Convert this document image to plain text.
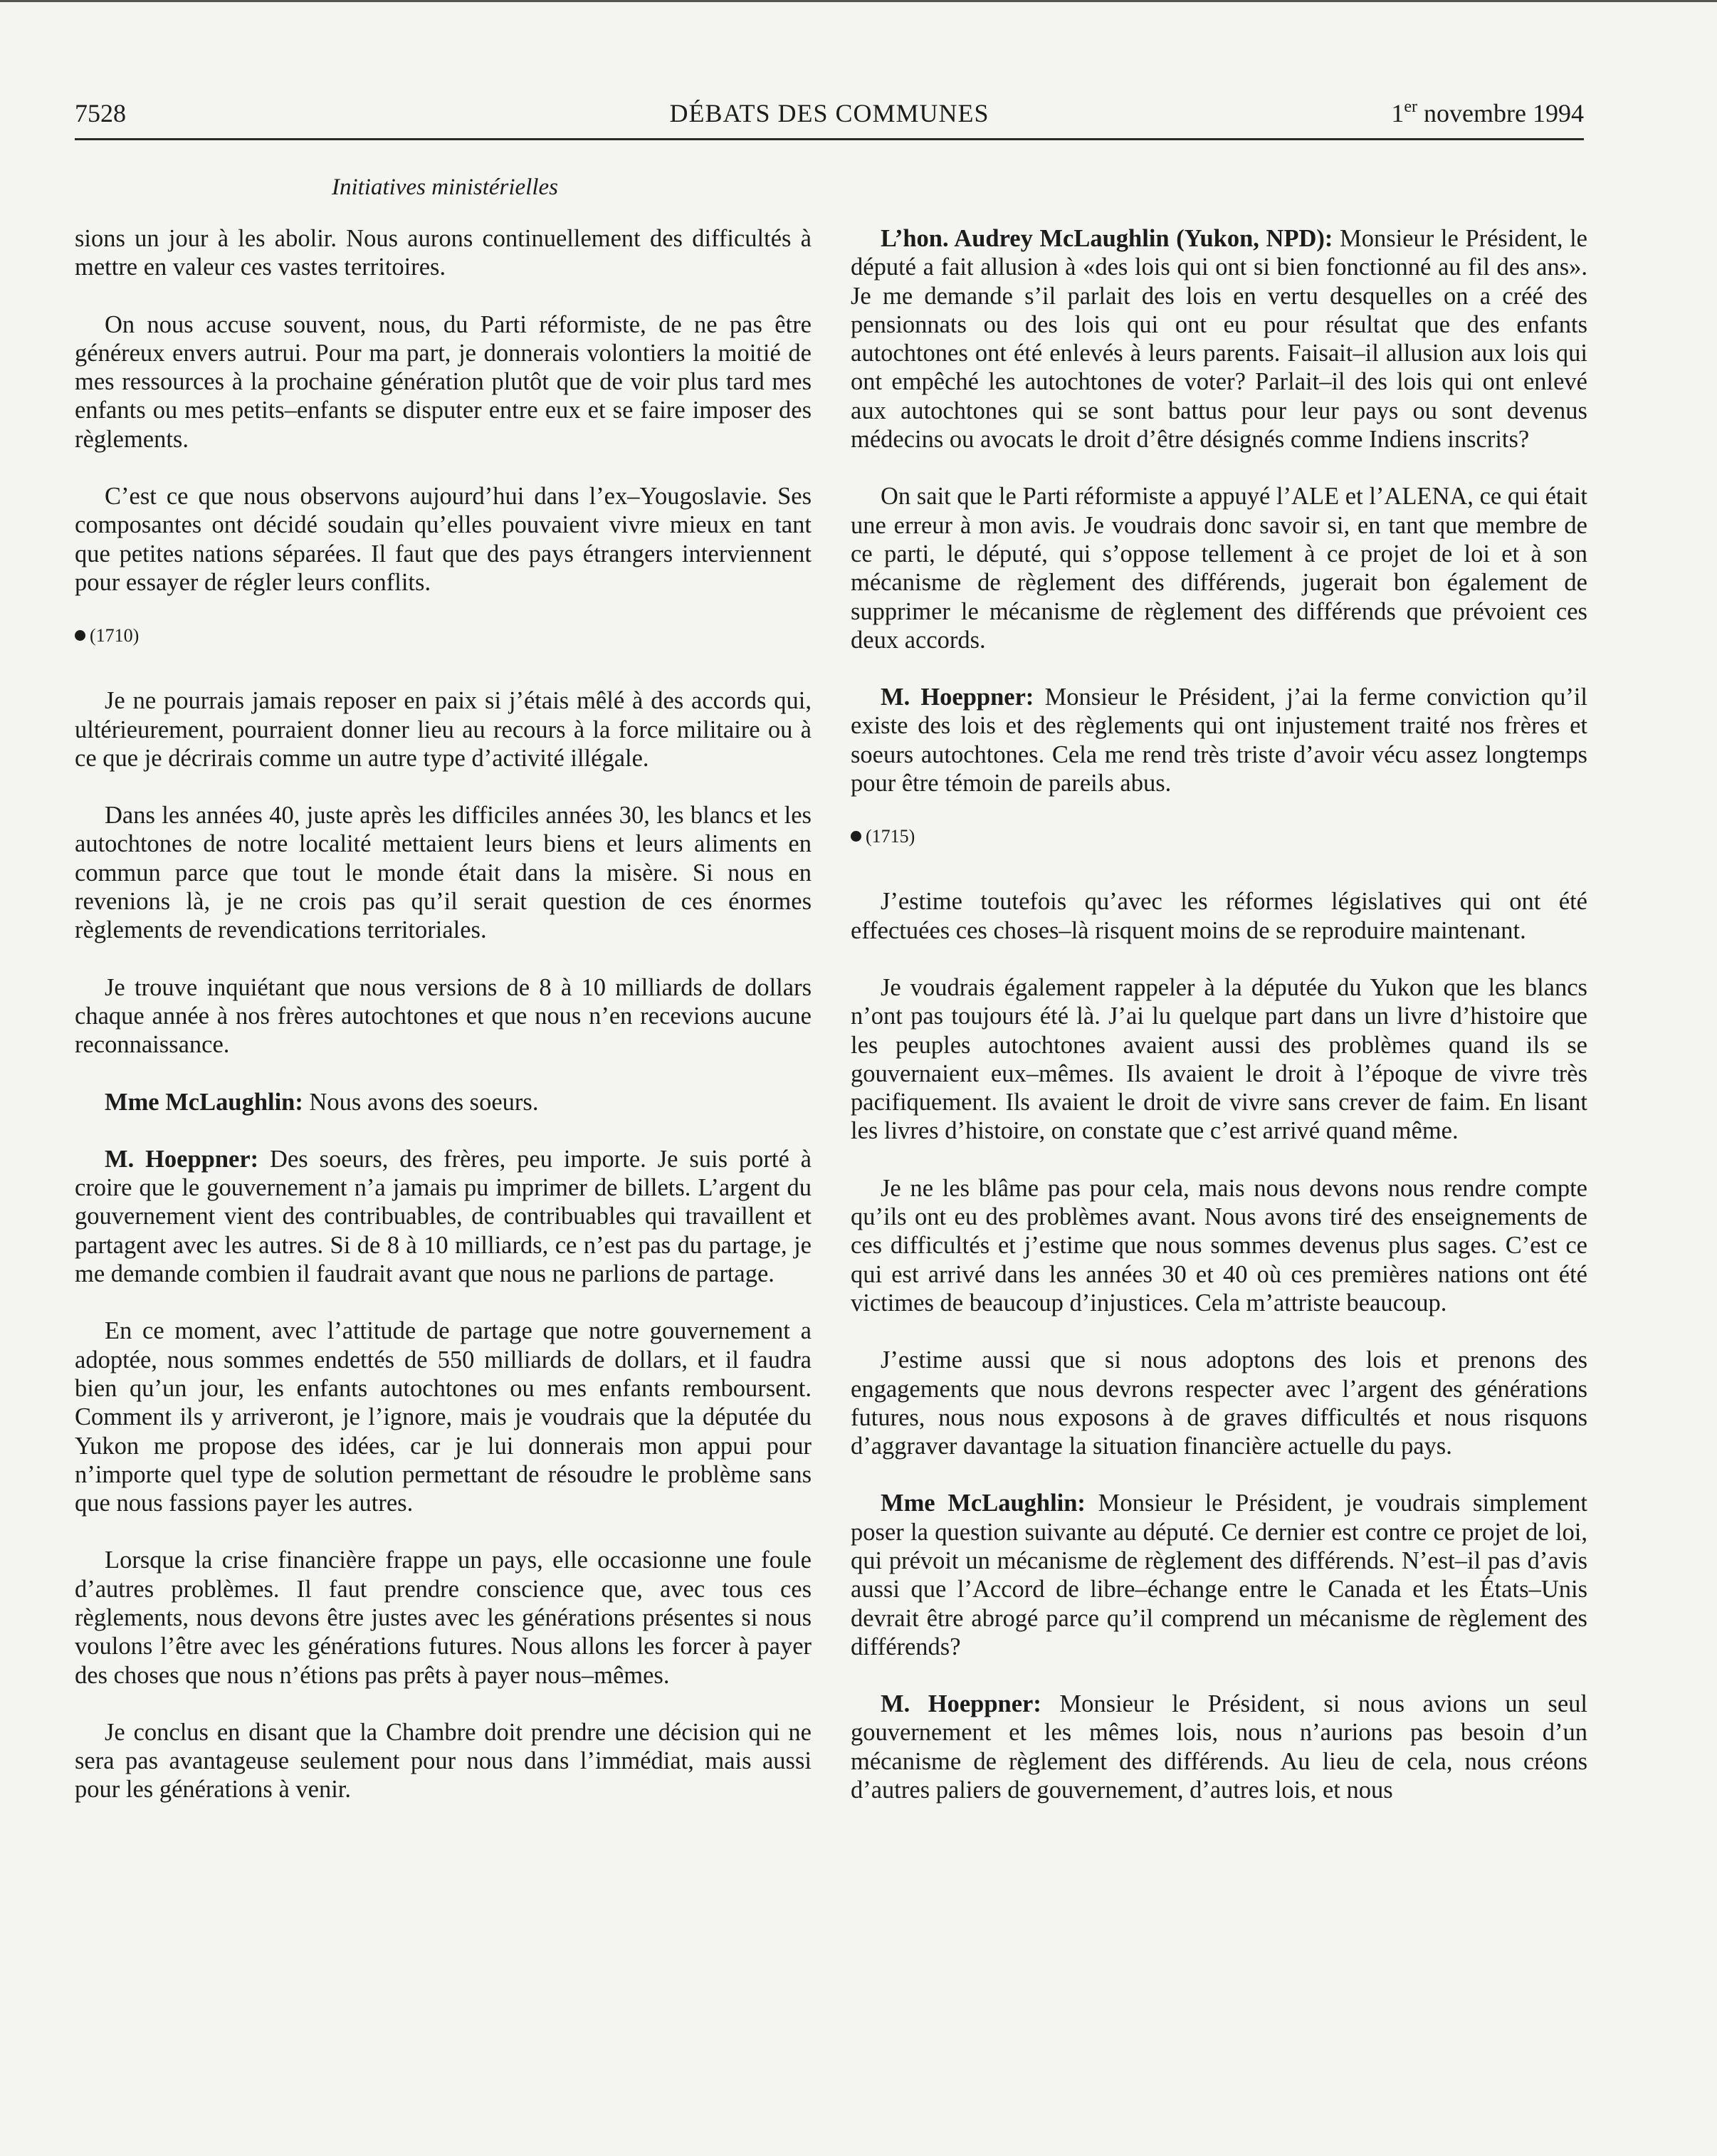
7528	DÉBATS DES COMMUNES	1er novembre 1994
Initiatives ministérielles

sions un jour à les abolir. Nous aurons continuellement des difficultés à mettre en valeur ces vastes territoires.

On nous accuse souvent, nous, du Parti réformiste, de ne pas être généreux envers autrui. Pour ma part, je donnerais volontiers la moitié de mes ressources à la prochaine génération plutôt que de voir plus tard mes enfants ou mes petits–enfants se disputer entre eux et se faire imposer des règlements.

C’est ce que nous observons aujourd’hui dans l’ex–Yougoslavie. Ses composantes ont décidé soudain qu’elles pouvaient vivre mieux en tant que petites nations séparées. Il faut que des pays étrangers interviennent pour essayer de régler leurs conflits.

(1710)

Je ne pourrais jamais reposer en paix si j’étais mêlé à des accords qui, ultérieurement, pourraient donner lieu au recours à la force militaire ou à ce que je décrirais comme un autre type d’activité illégale.

Dans les années 40, juste après les difficiles années 30, les blancs et les autochtones de notre localité mettaient leurs biens et leurs aliments en commun parce que tout le monde était dans la misère. Si nous en revenions là, je ne crois pas qu’il serait question de ces énormes règlements de revendications territoriales.

Je trouve inquiétant que nous versions de 8 à 10 milliards de dollars chaque année à nos frères autochtones et que nous n’en recevions aucune reconnaissance.

Mme McLaughlin: Nous avons des soeurs.

M. Hoeppner: Des soeurs, des frères, peu importe. Je suis porté à croire que le gouvernement n’a jamais pu imprimer de billets. L’argent du gouvernement vient des contribuables, de contribuables qui travaillent et partagent avec les autres. Si de 8 à 10 milliards, ce n’est pas du partage, je me demande combien il faudrait avant que nous ne parlions de partage.

En ce moment, avec l’attitude de partage que notre gouvernement a adoptée, nous sommes endettés de 550 milliards de dollars, et il faudra bien qu’un jour, les enfants autochtones ou mes enfants remboursent. Comment ils y arriveront, je l’ignore, mais je voudrais que la députée du Yukon me propose des idées, car je lui donnerais mon appui pour n’importe quel type de solution permettant de résoudre le problème sans que nous fassions payer les autres.

Lorsque la crise financière frappe un pays, elle occasionne une foule d’autres problèmes. Il faut prendre conscience que, avec tous ces règlements, nous devons être justes avec les générations présentes si nous voulons l’être avec les générations futures. Nous allons les forcer à payer des choses que nous n’étions pas prêts à payer nous–mêmes.

Je conclus en disant que la Chambre doit prendre une décision qui ne sera pas avantageuse seulement pour nous dans l’immédiat, mais aussi pour les générations à venir.

L’hon. Audrey McLaughlin (Yukon, NPD): Monsieur le Président, le député a fait allusion à «des lois qui ont si bien fonctionné au fil des ans». Je me demande s’il parlait des lois en vertu desquelles on a créé des pensionnats ou des lois qui ont eu pour résultat que des enfants autochtones ont été enlevés à leurs parents. Faisait–il allusion aux lois qui ont empêché les autochtones de voter? Parlait–il des lois qui ont enlevé aux autochtones qui se sont battus pour leur pays ou sont devenus médecins ou avocats le droit d’être désignés comme Indiens inscrits?

On sait que le Parti réformiste a appuyé l’ALE et l’ALENA, ce qui était une erreur à mon avis. Je voudrais donc savoir si, en tant que membre de ce parti, le député, qui s’oppose tellement à ce projet de loi et à son mécanisme de règlement des différends, jugerait bon également de supprimer le mécanisme de règlement des différends que prévoient ces deux accords.

M. Hoeppner: Monsieur le Président, j’ai la ferme conviction qu’il existe des lois et des règlements qui ont injustement traité nos frères et soeurs autochtones. Cela me rend très triste d’avoir vécu assez longtemps pour être témoin de pareils abus.

(1715)

J’estime toutefois qu’avec les réformes législatives qui ont été effectuées ces choses–là risquent moins de se reproduire maintenant.

Je voudrais également rappeler à la députée du Yukon que les blancs n’ont pas toujours été là. J’ai lu quelque part dans un livre d’histoire que les peuples autochtones avaient aussi des problèmes quand ils se gouvernaient eux–mêmes. Ils avaient le droit à l’époque de vivre très pacifiquement. Ils avaient le droit de vivre sans crever de faim. En lisant les livres d’histoire, on constate que c’est arrivé quand même.

Je ne les blâme pas pour cela, mais nous devons nous rendre compte qu’ils ont eu des problèmes avant. Nous avons tiré des enseignements de ces difficultés et j’estime que nous sommes devenus plus sages. C’est ce qui est arrivé dans les années 30 et 40 où ces premières nations ont été victimes de beaucoup d’injustices. Cela m’attriste beaucoup.

J’estime aussi que si nous adoptons des lois et prenons des engagements que nous devrons respecter avec l’argent des générations futures, nous nous exposons à de graves difficultés et nous risquons d’aggraver davantage la situation financière actuelle du pays.

Mme McLaughlin: Monsieur le Président, je voudrais simplement poser la question suivante au député. Ce dernier est contre ce projet de loi, qui prévoit un mécanisme de règlement des différends. N’est–il pas d’avis aussi que l’Accord de libre–échange entre le Canada et les États–Unis devrait être abrogé parce qu’il comprend un mécanisme de règlement des différends?

M. Hoeppner: Monsieur le Président, si nous avions un seul gouvernement et les mêmes lois, nous n’aurions pas besoin d’un mécanisme de règlement des différends. Au lieu de cela, nous créons d’autres paliers de gouvernement, d’autres lois, et nous
